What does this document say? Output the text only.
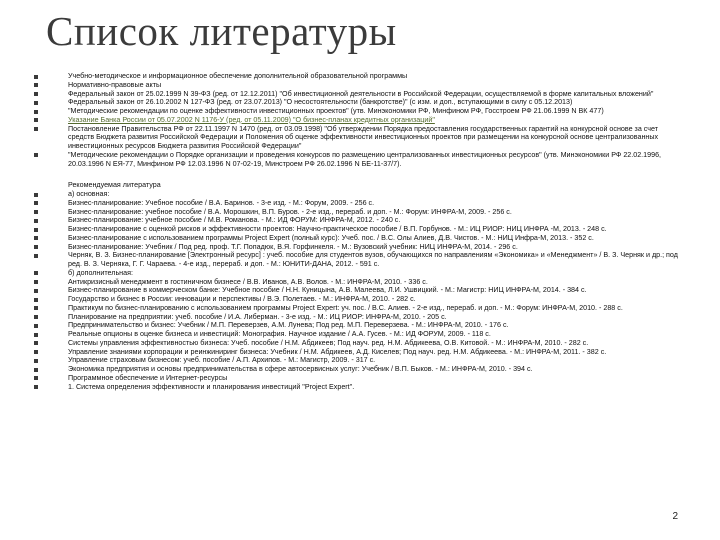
Список литературы
Учебно-методическое и информационное обеспечение дополнительной образовательной программы
Нормативно-правовые акты
Федеральный закон от 25.02.1999 N 39-ФЗ (ред. от 12.12.2011) "Об инвестиционной деятельности в Российской Федерации, осуществляемой в форме капитальных вложений"
Федеральный закон от 26.10.2002 N 127-ФЗ (ред. от 23.07.2013) "О несостоятельности (банкротстве)" (с изм. и доп., вступающими в силу с 05.12.2013)
"Методические рекомендации по оценке эффективности инвестиционных проектов" (утв. Минэкономики РФ, Минфином РФ, Госстроем РФ 21.06.1999 N ВК 477)
Указание Банка России от 05.07.2002 N 1176-У (ред. от 05.11.2009) "О бизнес-планах кредитных организаций"
Постановление Правительства РФ от 22.11.1997 N 1470 (ред. от 03.09.1998) "Об утверждении Порядка предоставления государственных гарантий на конкурсной основе за счет средств Бюджета развития Российской Федерации и Положения об оценке эффективности инвестиционных проектов при размещении на конкурсной основе централизованных инвестиционных ресурсов Бюджета развития Российской Федерации"
"Методические рекомендации о Порядке организации и проведения конкурсов по размещению централизованных инвестиционных ресурсов" (утв. Минэкономики РФ 22.02.1996, 20.03.1996 N ЕЯ-77, Минфином РФ 12.03.1996 N 07-02-19, Минстроем РФ 26.02.1996 N БЕ-11-37/7).
Рекомендуемая литература
а) основная:
Бизнес-планирование: Учебное пособие / В.А. Баринов. - 3-е изд. - М.: Форум, 2009. - 256 с.
Бизнес-планирование: учебное пособие / В.А. Морошкин, В.П. Буров. - 2-e изд., перераб. и доп. - М.: Форум: ИНФРА-М, 2009. - 256 с.
Бизнес-планирование: учебное пособие / М.В. Романова. - М.: ИД ФОРУМ: ИНФРА-М, 2012. - 240 с.
Бизнес-планирование с оценкой рисков и эффективности проектов: Научно-практическое пособие / В.П. Горбунов. - М.: ИЦ РИОР: НИЦ ИНФРА -М, 2013. - 248 с.
Бизнес-планирование с использованием программы Project Expert (полный курс): Учеб. пос. / В.С. Олы Алиев, Д.В. Чистов. - М.: НИЦ Инфра-М, 2013. - 352 с.
Бизнес-планирование: Учебник / Под ред. проф. Т.Г. Попадюк, В.Я. Горфинкеля. - М.: Вузовский учебник: НИЦ ИНФРА-М, 2014. - 296 с.
Черняк, В. З. Бизнес-планирование [Электронный ресурс] : учеб. пособие для студентов вузов, обучающихся по направлениям «Экономика» и «Менеджмент» / В. З. Черняк и др.; под ред. В. З. Черняка, Г. Г. Чараева. - 4-е изд., перераб. и доп. - М.: ЮНИТИ-ДАНА, 2012. - 591 с.
б) дополнительная:
Антикризисный менеджмент в гостиничном бизнесе / В.В. Иванов, А.В. Волов. - М.: ИНФРА-М, 2010. - 336 с.
Бизнес-планирование в коммерческом банке: Учебное пособие / Н.Н. Куницына, А.В. Малеева, Л.И. Ушвицкий. - М.: Магистр: НИЦ ИНФРА-М, 2014. - 384 с.
Государство и бизнес в России: инновации и перспективы / В.Э. Полетаев. - М.: ИНФРА-М, 2010. - 282 с.
Практикум по бизнес-планированию с использованием программы Project Expert: уч. пос. / В.С. Алиев. - 2-e изд., перераб. и доп. - М.: Форум: ИНФРА-М, 2010. - 288 с.
Планирование на предприятии: учеб. пособие / И.А. Либерман. - 3-e изд. - М.: ИЦ РИОР: ИНФРА-М, 2010. - 205 с.
Предпринимательство и бизнес: Учебник / М.П. Переверзев, А.М. Лунева; Под ред. М.П. Переверзева. - М.: ИНФРА-М, 2010. - 176 с.
Реальные опционы в оценке бизнеса и инвестиций: Монография. Научное издание / А.А. Гусев. - М.: ИД ФОРУМ, 2009. - 118 с.
Системы управления эффективностью бизнеса: Учеб. пособие / Н.М. Абдикеев; Под науч. ред. Н.М. Абдикеева, О.В. Китовой. - М.: ИНФРА-М, 2010. - 282 с.
Управление знаниями корпорации и реинжиниринг бизнеса: Учебник / Н.М. Абдикеев, А.Д. Киселев; Под науч. ред. Н.М. Абдикеева. - М.: ИНФРА-М, 2011. - 382 с.
Управление страховым бизнесом: учеб. пособие / А.П. Архипов. - М.: Магистр, 2009. - 317 с.
Экономика предприятия и основы предпринимательства в сфере автосервисных услуг: Учебник / В.П. Быков. - М.: ИНФРА-М, 2010. - 394 с.
Программное обеспечение и Интернет-ресурсы
1. Система определения эффективности и планирования инвестиций "Project Expert".
2
